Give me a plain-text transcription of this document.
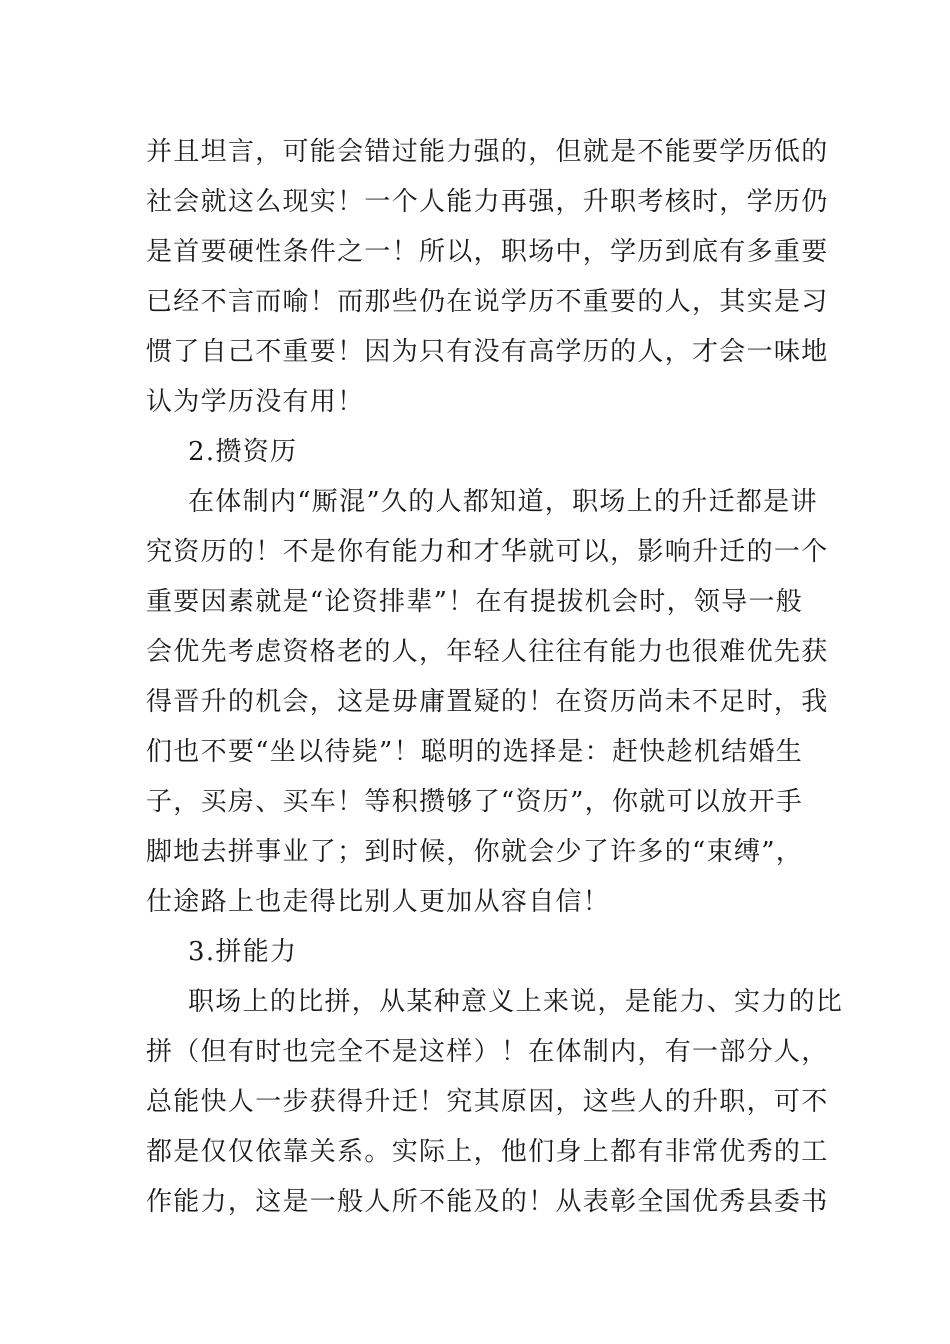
并且坦言，可能会错过能力强的，但就是不能要学历低的
社会就这么现实！一个人能力再强，升职考核时，学历仍
是首要硬性条件之一！所以，职场中，学历到底有多重要
已经不言而喻！而那些仍在说学历不重要的人，其实是习
惯了自己不重要！因为只有没有高学历的人，才会一味地
认为学历没有用！
2.攒资历
在体制内“厮混”久的人都知道，职场上的升迁都是讲
究资历的！不是你有能力和才华就可以，影响升迁的一个
重要因素就是“论资排辈”！在有提拔机会时，领导一般
会优先考虑资格老的人，年轻人往往有能力也很难优先获
得晋升的机会，这是毋庸置疑的！在资历尚未不足时，我
们也不要“坐以待毙”！聪明的选择是：赶快趁机结婚生
子，买房、买车！等积攒够了“资历”，你就可以放开手
脚地去拼事业了；到时候，你就会少了许多的“束缚”，
仕途路上也走得比别人更加从容自信！
3.拼能力
职场上的比拼，从某种意义上来说，是能力、实力的比
拼（但有时也完全不是这样）！在体制内，有一部分人，
总能快人一步获得升迁！究其原因，这些人的升职，可不
都是仅仅依靠关系。实际上，他们身上都有非常优秀的工
作能力，这是一般人所不能及的！从表彰全国优秀县委书
